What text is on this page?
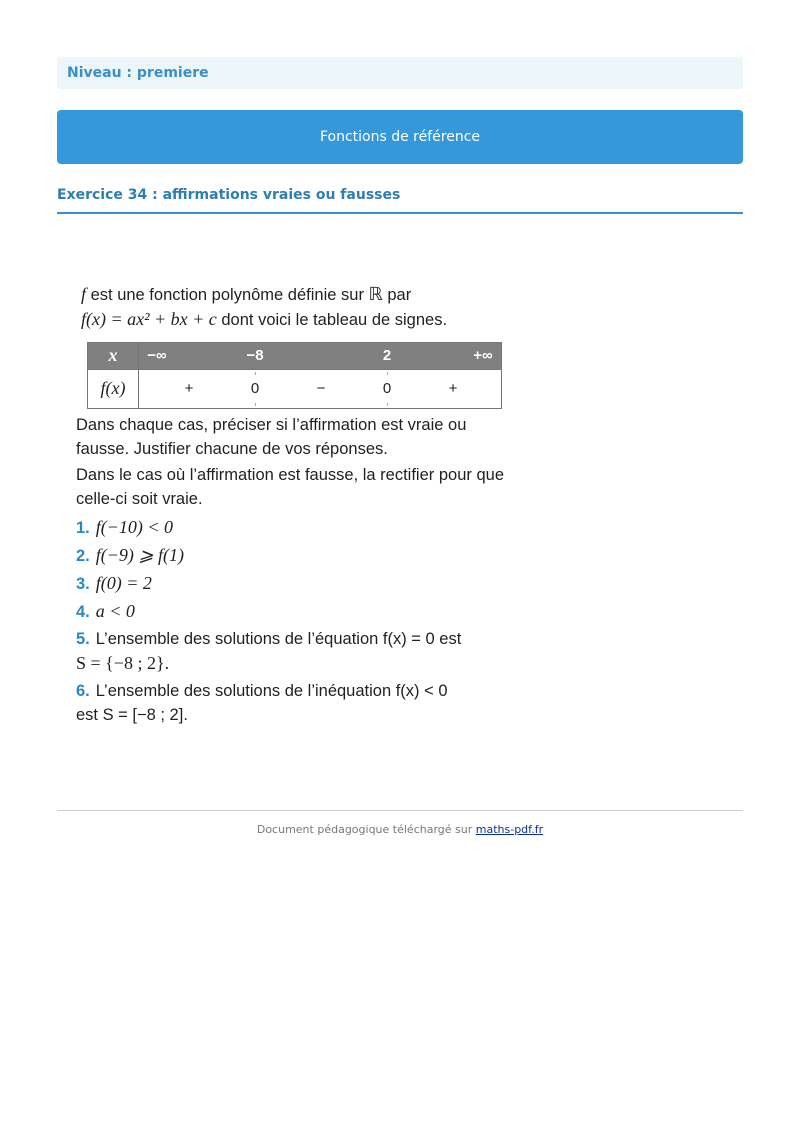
Niveau : premiere
Fonctions de référence
Exercice 34 : affirmations vraies ou fausses

f est une fonction polynôme définie sur ℝ par

f(x) = ax² + bx + c dont voici le tableau de signes.

x	−∞ −8 2 +∞

f(x)	+ 0 − 0 +

Dans chaque cas, préciser si l’affirmation est vraie ou fausse. Justifier chacune de vos réponses.

Dans le cas où l’affirmation est fausse, la rectifier pour que celle-ci soit vraie.

1. f(−10) < 0

2. f(−9) ⩾ f(1)

3. f(0) = 2

4. a < 0

5. L’ensemble des solutions de l’équation f(x) = 0 est

S = {−8 ; 2}.

6. L’ensemble des solutions de l’inéquation f(x) < 0

est S = [−8 ; 2].

Document pédagogique téléchargé sur maths-pdf.fr
